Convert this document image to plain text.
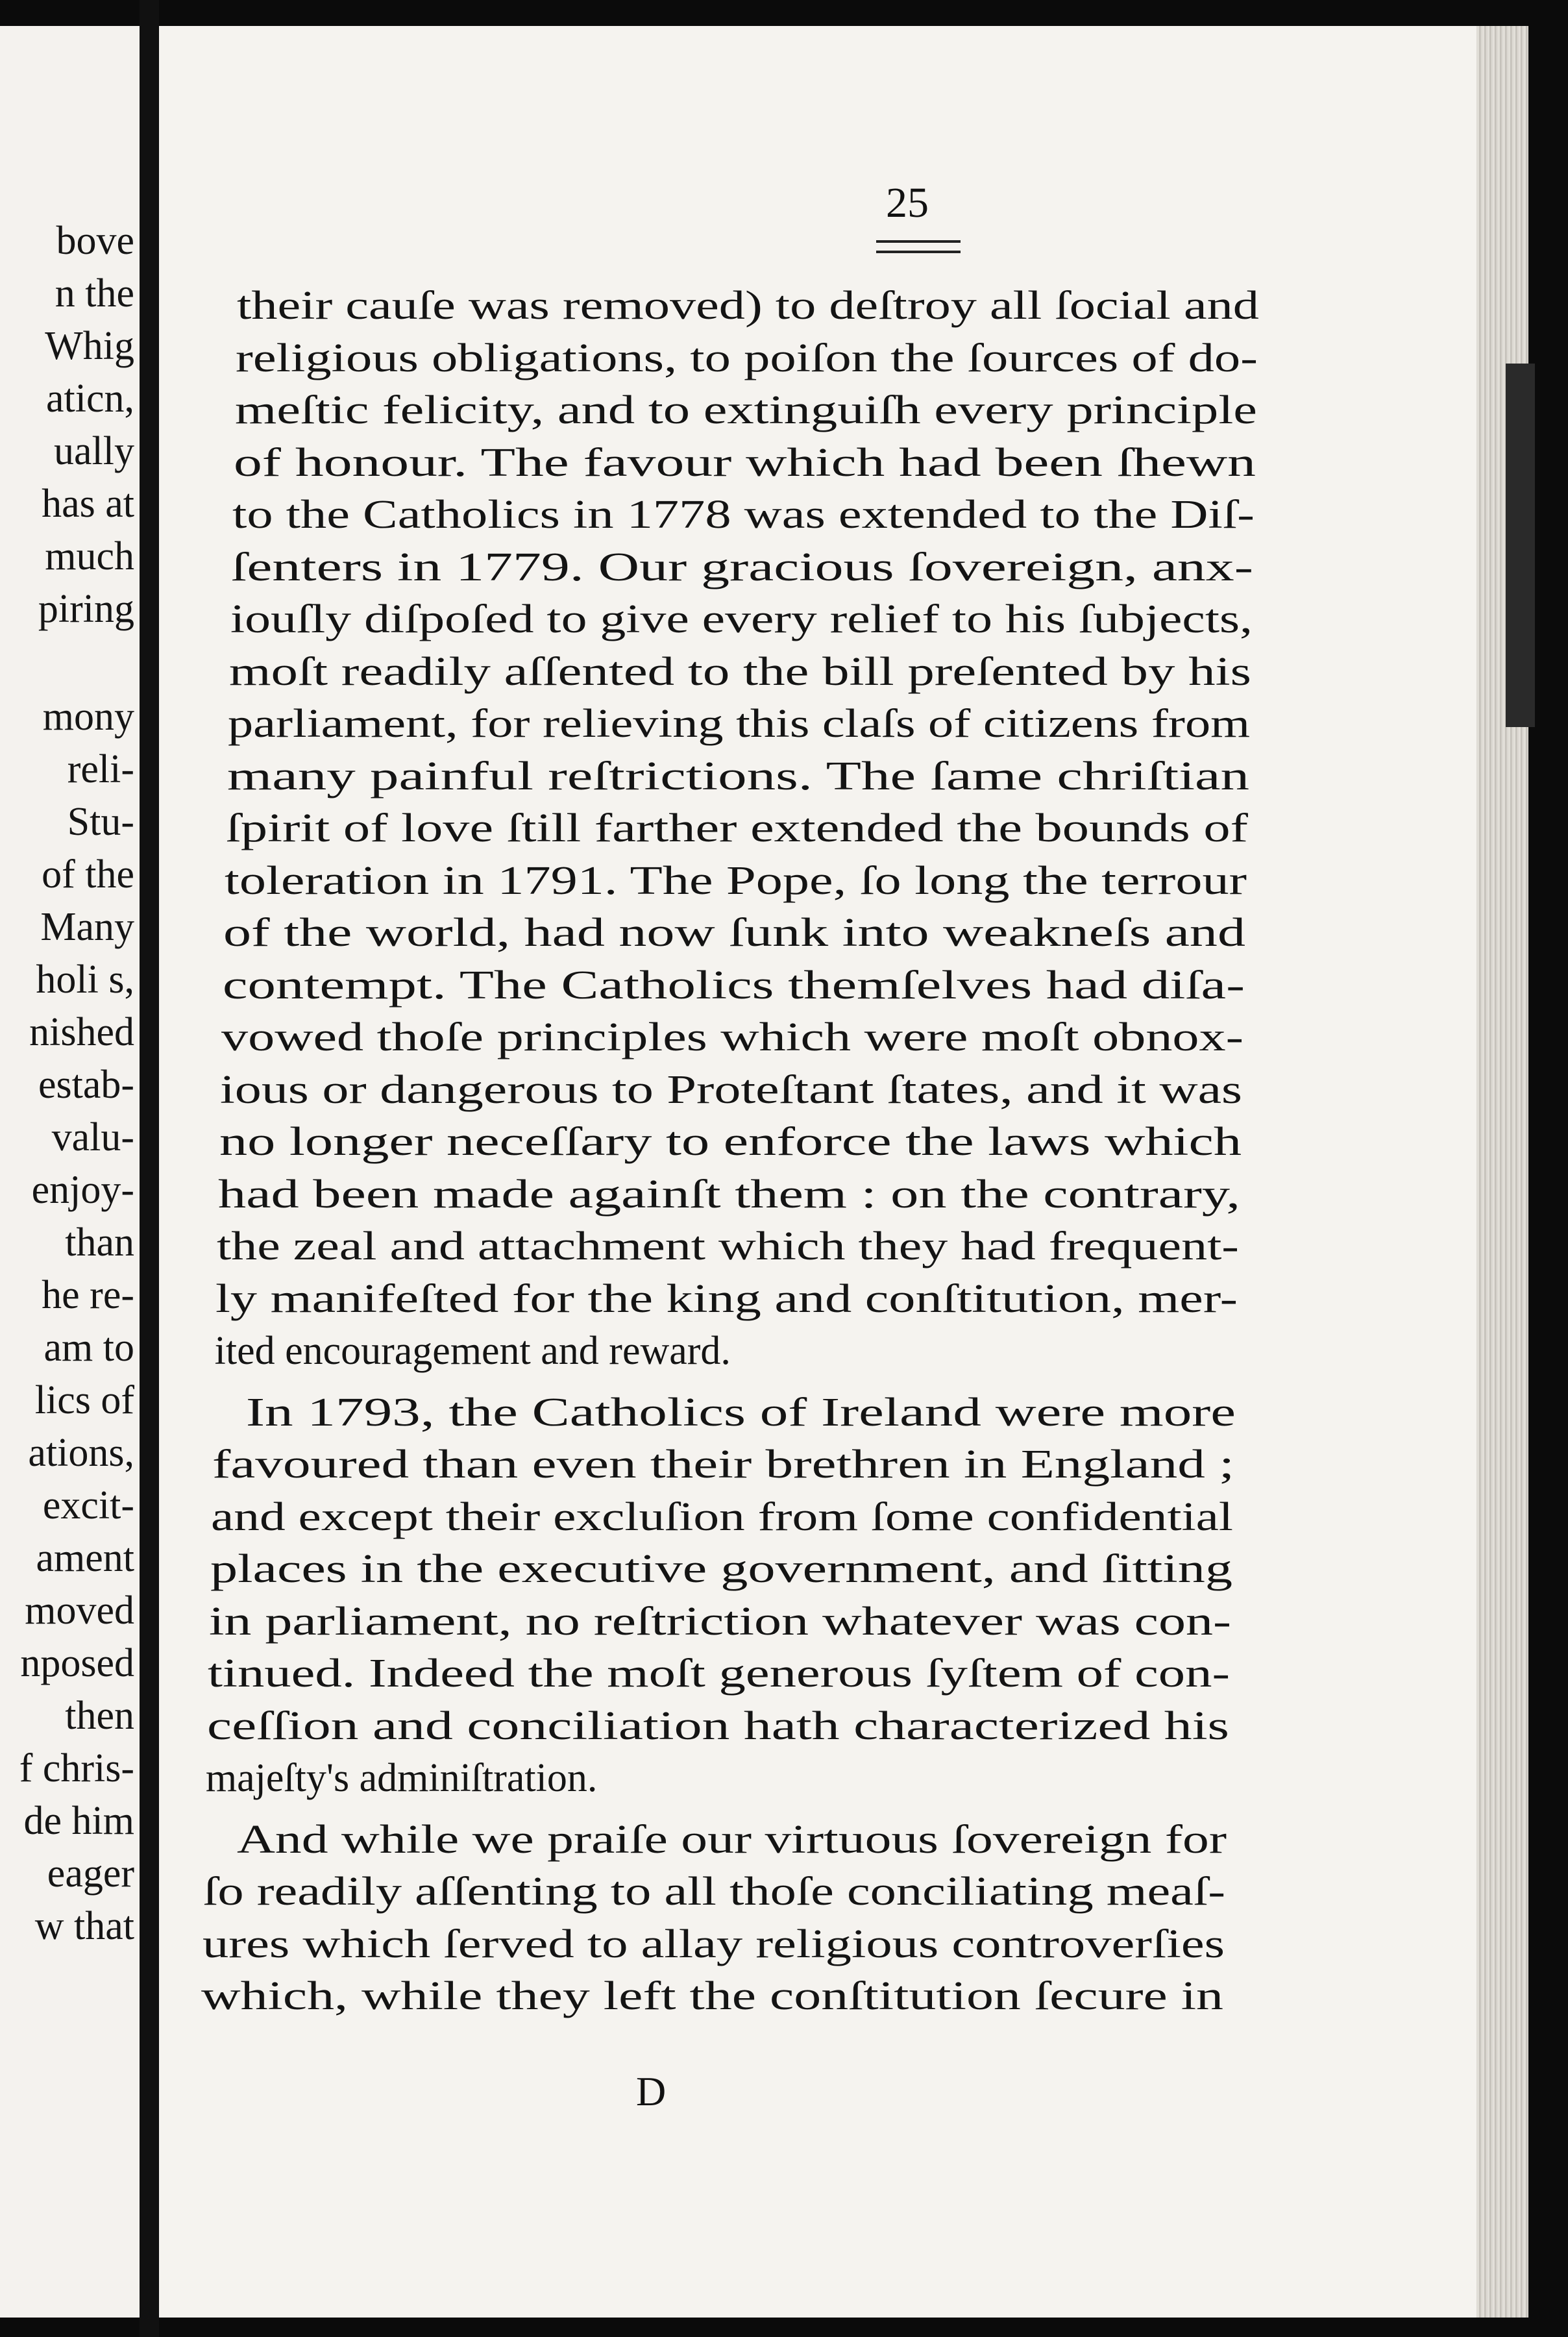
bove
n the
Whig
aticn,
ually
has at
much
piring
mony
reli-
Stu-
of the
Many
holi s,
nished
estab-
valu-
enjoy-
than
he re-
am to
lics of
ations,
excit-
ament
moved
nposed
then
f chris-
de him
eager
w that
25
their cauſe was removed) to deſtroy all ſocial and
religious obligations, to poiſon the ſources of do-
meſtic felicity, and to extinguiſh every principle
of honour. The favour which had been ſhewn
to the Catholics in 1778 was extended to the Diſ-
ſenters in 1779. Our gracious ſovereign, anx-
iouſly diſpoſed to give every relief to his ſubjects,
moſt readily aſſented to the bill preſented by his
parliament, for relieving this claſs of citizens from
many painful reſtrictions. The ſame chriſtian
ſpirit of love ſtill farther extended the bounds of
toleration in 1791. The Pope, ſo long the terrour
of the world, had now ſunk into weakneſs and
contempt. The Catholics themſelves had diſa-
vowed thoſe principles which were moſt obnox-
ious or dangerous to Proteſtant ſtates, and it was
no longer neceſſary to enforce the laws which
had been made againſt them : on the contrary,
the zeal and attachment which they had frequent-
ly manifeſted for the king and conſtitution, mer-
ited encouragement and reward.
In 1793, the Catholics of Ireland were more
favoured than even their brethren in England ;
and except their excluſion from ſome confidential
places in the executive government, and ſitting
in parliament, no reſtriction whatever was con-
tinued. Indeed the moſt generous ſyſtem of con-
ceſſion and conciliation hath characterized his
majeſty's adminiſtration.
And while we praiſe our virtuous ſovereign for
ſo readily aſſenting to all thoſe conciliating meaſ-
ures which ſerved to allay religious controverſies
which, while they left the conſtitution ſecure in
D
